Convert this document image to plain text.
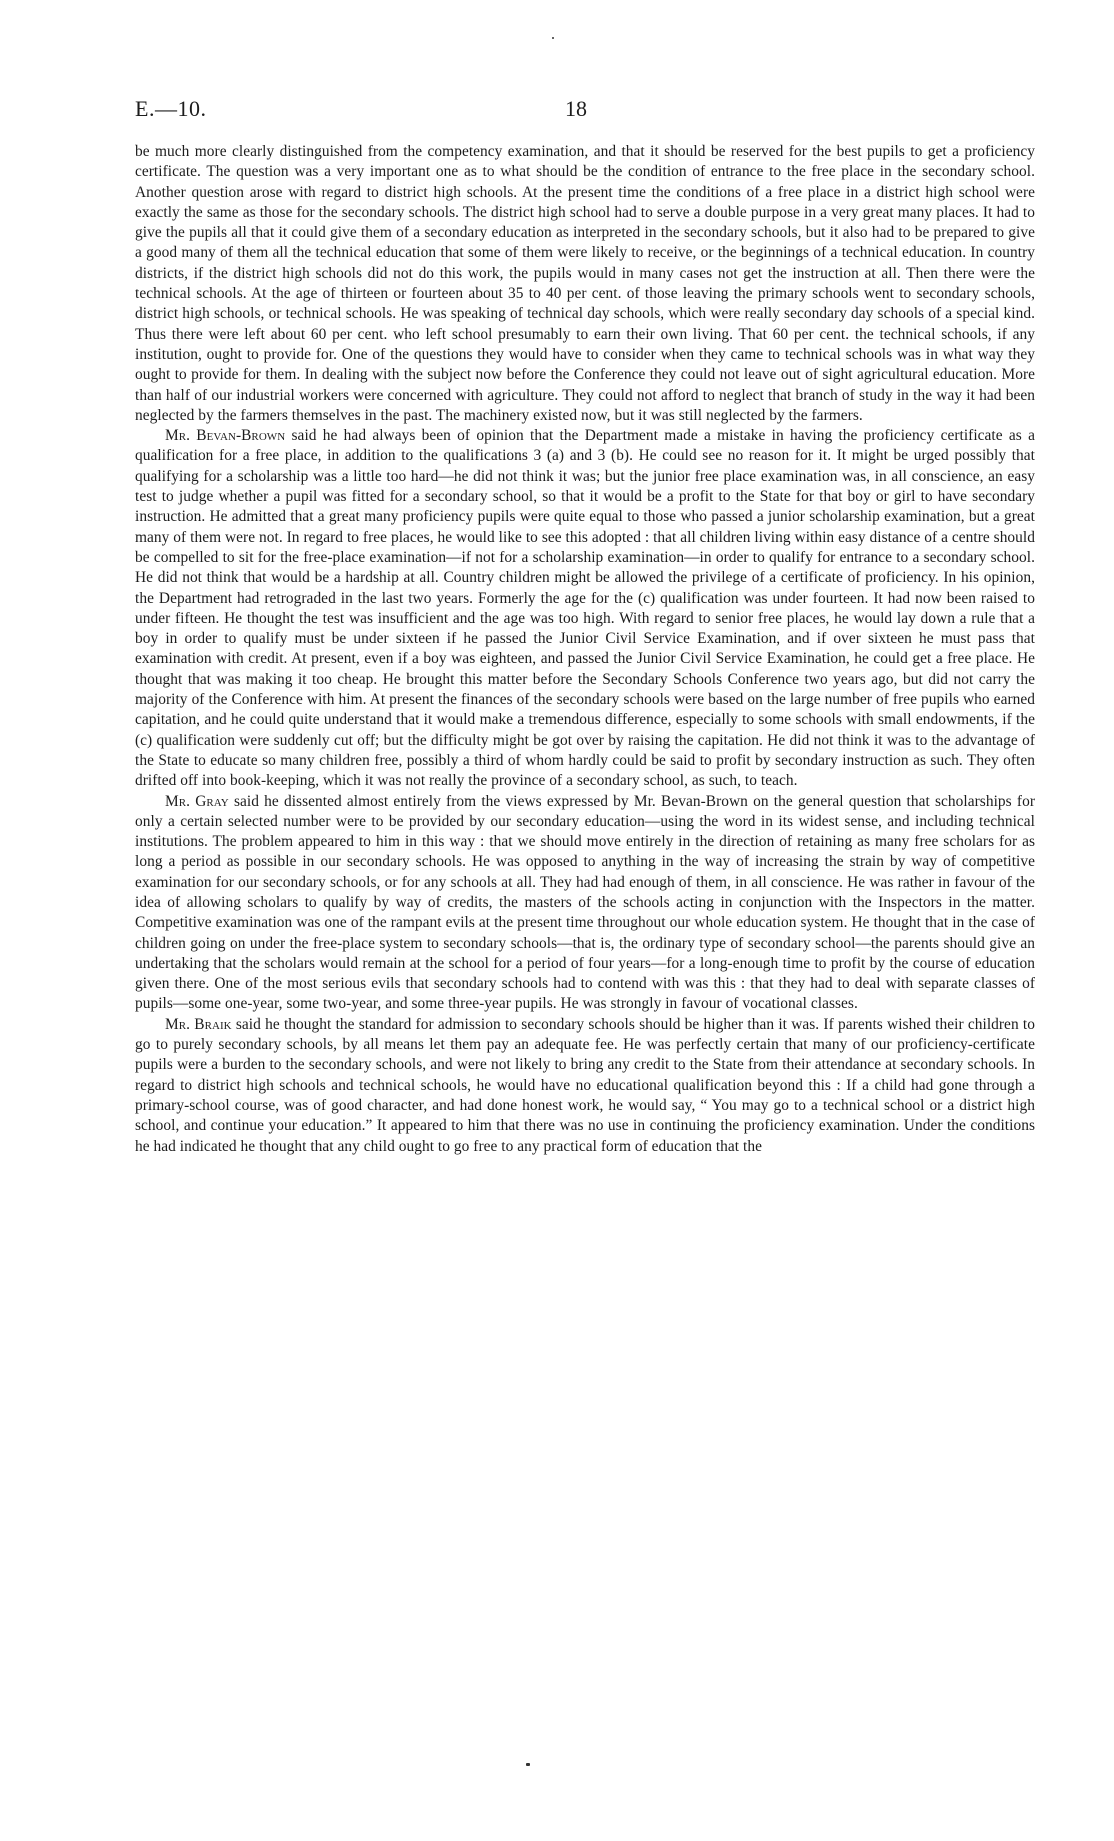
E.—10.	18

be much more clearly distinguished from the competency examination, and that it should be reserved for the best pupils to get a proficiency certificate. The question was a very important one as to what should be the condition of entrance to the free place in the secondary school. Another question arose with regard to district high schools. At the present time the conditions of a free place in a district high school were exactly the same as those for the secondary schools. The district high school had to serve a double purpose in a very great many places. It had to give the pupils all that it could give them of a secondary education as interpreted in the secondary schools, but it also had to be prepared to give a good many of them all the technical education that some of them were likely to receive, or the beginnings of a technical education. In country districts, if the district high schools did not do this work, the pupils would in many cases not get the instruction at all. Then there were the technical schools. At the age of thirteen or fourteen about 35 to 40 per cent. of those leaving the primary schools went to secondary schools, district high schools, or technical schools. He was speaking of technical day schools, which were really secondary day schools of a special kind. Thus there were left about 60 per cent. who left school presumably to earn their own living. That 60 per cent. the technical schools, if any institution, ought to provide for. One of the questions they would have to consider when they came to technical schools was in what way they ought to provide for them. In dealing with the subject now before the Conference they could not leave out of sight agricultural education. More than half of our industrial workers were concerned with agriculture. They could not afford to neglect that branch of study in the way it had been neglected by the farmers themselves in the past. The machinery existed now, but it was still neglected by the farmers.

Mr. Bevan-Brown said he had always been of opinion that the Department made a mistake in having the proficiency certificate as a qualification for a free place, in addition to the qualifications 3 (a) and 3 (b). He could see no reason for it. It might be urged possibly that qualifying for a scholarship was a little too hard—he did not think it was; but the junior free place examination was, in all conscience, an easy test to judge whether a pupil was fitted for a secondary school, so that it would be a profit to the State for that boy or girl to have secondary instruction. He admitted that a great many proficiency pupils were quite equal to those who passed a junior scholarship examination, but a great many of them were not. In regard to free places, he would like to see this adopted : that all children living within easy distance of a centre should be compelled to sit for the free-place examination—if not for a scholarship examination—in order to qualify for entrance to a secondary school. He did not think that would be a hardship at all. Country children might be allowed the privilege of a certificate of proficiency. In his opinion, the Department had retrograded in the last two years. Formerly the age for the (c) qualification was under fourteen. It had now been raised to under fifteen. He thought the test was insufficient and the age was too high. With regard to senior free places, he would lay down a rule that a boy in order to qualify must be under sixteen if he passed the Junior Civil Service Examination, and if over sixteen he must pass that examination with credit. At present, even if a boy was eighteen, and passed the Junior Civil Service Examination, he could get a free place. He thought that was making it too cheap. He brought this matter before the Secondary Schools Conference two years ago, but did not carry the majority of the Conference with him. At present the finances of the secondary schools were based on the large number of free pupils who earned capitation, and he could quite understand that it would make a tremendous difference, especially to some schools with small endowments, if the (c) qualification were suddenly cut off; but the difficulty might be got over by raising the capitation. He did not think it was to the advantage of the State to educate so many children free, possibly a third of whom hardly could be said to profit by secondary instruction as such. They often drifted off into book-keeping, which it was not really the province of a secondary school, as such, to teach.

Mr. Gray said he dissented almost entirely from the views expressed by Mr. Bevan-Brown on the general question that scholarships for only a certain selected number were to be provided by our secondary education—using the word in its widest sense, and including technical institutions. The problem appeared to him in this way : that we should move entirely in the direction of retaining as many free scholars for as long a period as possible in our secondary schools. He was opposed to anything in the way of increasing the strain by way of competitive examination for our secondary schools, or for any schools at all. They had had enough of them, in all conscience. He was rather in favour of the idea of allowing scholars to qualify by way of credits, the masters of the schools acting in conjunction with the Inspectors in the matter. Competitive examination was one of the rampant evils at the present time throughout our whole education system. He thought that in the case of children going on under the free-place system to secondary schools—that is, the ordinary type of secondary school—the parents should give an undertaking that the scholars would remain at the school for a period of four years—for a long-enough time to profit by the course of education given there. One of the most serious evils that secondary schools had to contend with was this : that they had to deal with separate classes of pupils—some one-year, some two-year, and some three-year pupils. He was strongly in favour of vocational classes.

Mr. Braik said he thought the standard for admission to secondary schools should be higher than it was. If parents wished their children to go to purely secondary schools, by all means let them pay an adequate fee. He was perfectly certain that many of our proficiency-certificate pupils were a burden to the secondary schools, and were not likely to bring any credit to the State from their attendance at secondary schools. In regard to district high schools and technical schools, he would have no educational qualification beyond this : If a child had gone through a primary-school course, was of good character, and had done honest work, he would say, “ You may go to a technical school or a district high school, and continue your education.” It appeared to him that there was no use in continuing the proficiency examination. Under the conditions he had indicated he thought that any child ought to go free to any practical form of education that the
